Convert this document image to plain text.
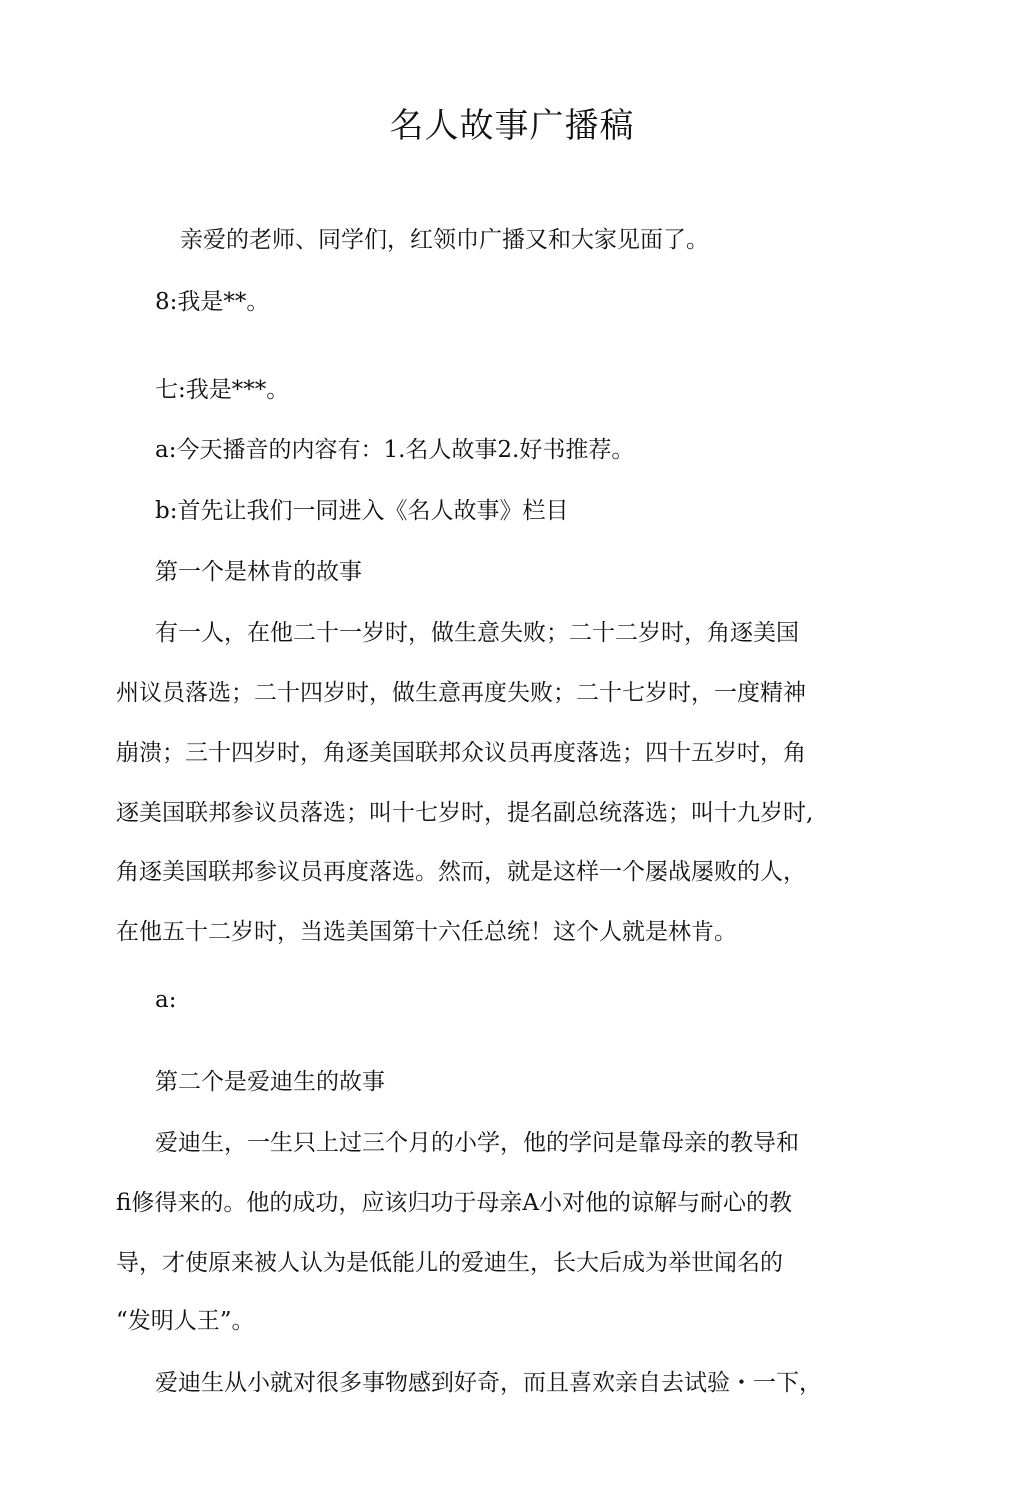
名人故事广播稿

亲爱的老师、同学们，红领巾广播又和大家见面了。

8:我是**。

七:我是***。

a:今天播音的内容有：1.名人故事2.好书推荐。

b:首先让我们一同进入《名人故事》栏目

第一个是林肯的故事

有一人，在他二十一岁时，做生意失败；二十二岁时，角逐美国

州议员落选；二十四岁时，做生意再度失败；二十七岁时，一度精神

崩溃；三十四岁时，角逐美国联邦众议员再度落选；四十五岁吋，角

逐美国联邦参议员落选；叫十七岁时，提名副总统落选；叫十九岁时,

角逐美国联邦参议员再度落选。然而，就是这样一个屡战屡败的人，

在他五十二岁时，当选美国第十六任总统！这个人就是林肯。

a:

第二个是爱迪生的故事

爱迪生，一生只上过三个月的小学，他的学问是靠母亲的教导和

fi修得来的。他的成功，应该归功于母亲A小对他的谅解与耐心的教

导，才使原来被人认为是低能儿的爱迪生，长大后成为举世闻名的

“发明人王”。

爱迪生从小就对很多事物感到好奇，而且喜欢亲自去试验・一下，
